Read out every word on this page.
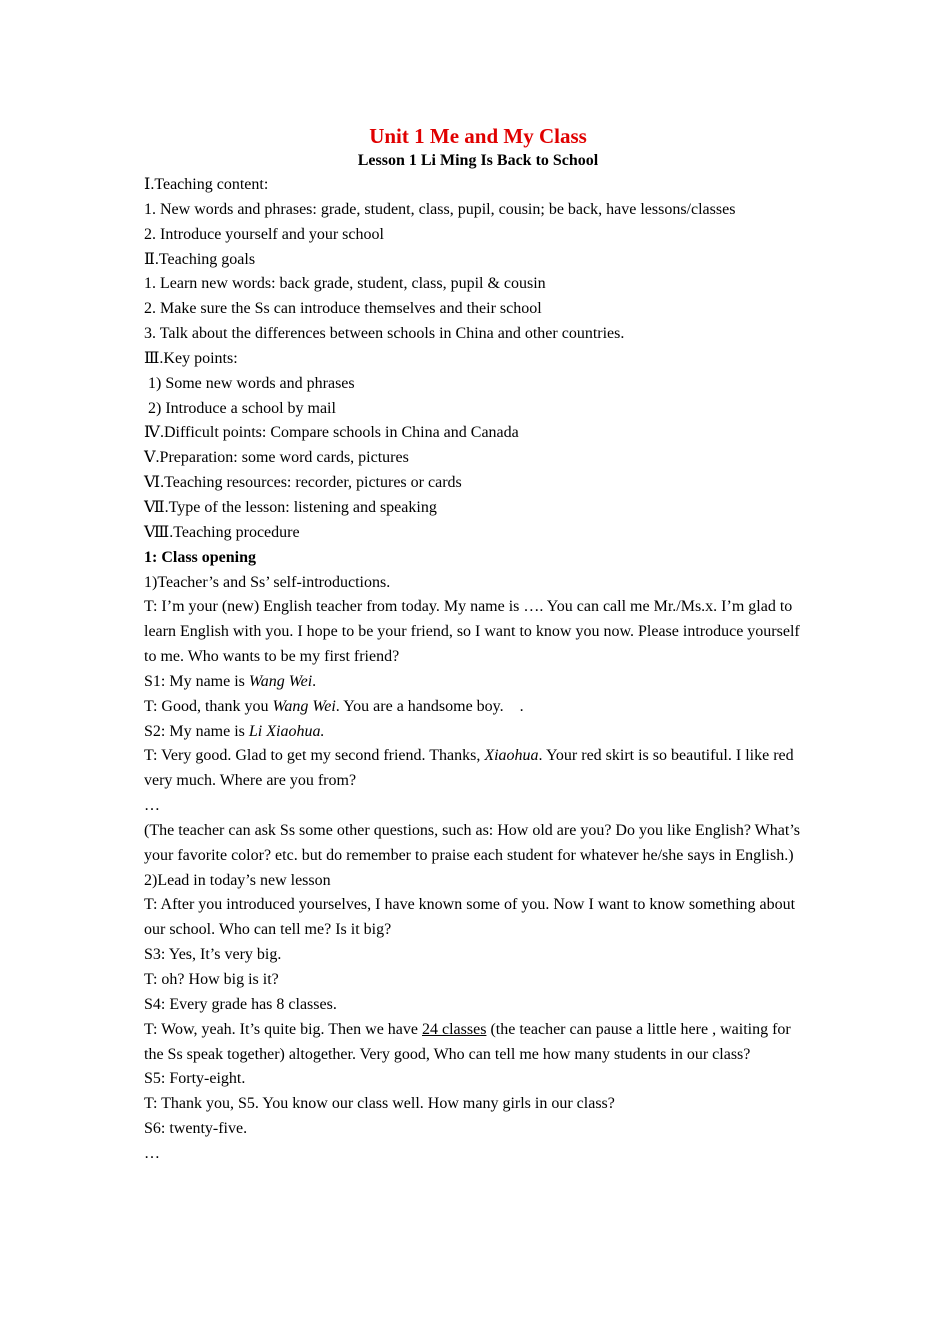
Unit 1 Me and My Class

Lesson 1 Li Ming Is Back to School

Ⅰ.Teaching content:

1. New words and phrases: grade, student, class, pupil, cousin; be back, have lessons/classes

2. Introduce yourself and your school

Ⅱ.Teaching goals

1. Learn new words: back grade, student, class, pupil & cousin

2. Make sure the Ss can introduce themselves and their school

3. Talk about the differences between schools in China and other countries.

Ⅲ.Key points:

1) Some new words and phrases

2) Introduce a school by mail

Ⅳ.Difficult points: Compare schools in China and Canada

Ⅴ.Preparation: some word cards, pictures

Ⅵ.Teaching resources: recorder, pictures or cards

Ⅶ.Type of the lesson: listening and speaking

Ⅷ.Teaching procedure

1: Class opening

1)Teacher’s and Ss’ self-introductions.

T: I’m your (new) English teacher from today. My name is …. You can call me Mr./Ms.x. I’m glad to learn English with you. I hope to be your friend, so I want to know you now. Please introduce yourself to me. Who wants to be my first friend?

S1: My name is Wang Wei.

T: Good, thank you Wang Wei. You are a handsome boy.    .

S2: My name is Li Xiaohua.

T: Very good. Glad to get my second friend. Thanks, Xiaohua. Your red skirt is so beautiful. I like red very much. Where are you from?

…

(The teacher can ask Ss some other questions, such as: How old are you? Do you like English? What’s your favorite color? etc. but do remember to praise each student for whatever he/she says in English.)

2)Lead in today’s new lesson

T: After you introduced yourselves, I have known some of you. Now I want to know something about our school. Who can tell me? Is it big?

S3: Yes, It’s very big.

T: oh? How big is it?

S4: Every grade has 8 classes.

T: Wow, yeah. It’s quite big. Then we have 24 classes (the teacher can pause a little here , waiting for the Ss speak together) altogether. Very good, Who can tell me how many students in our class?

S5: Forty-eight.

T: Thank you, S5. You know our class well. How many girls in our class?

S6: twenty-five.

…
